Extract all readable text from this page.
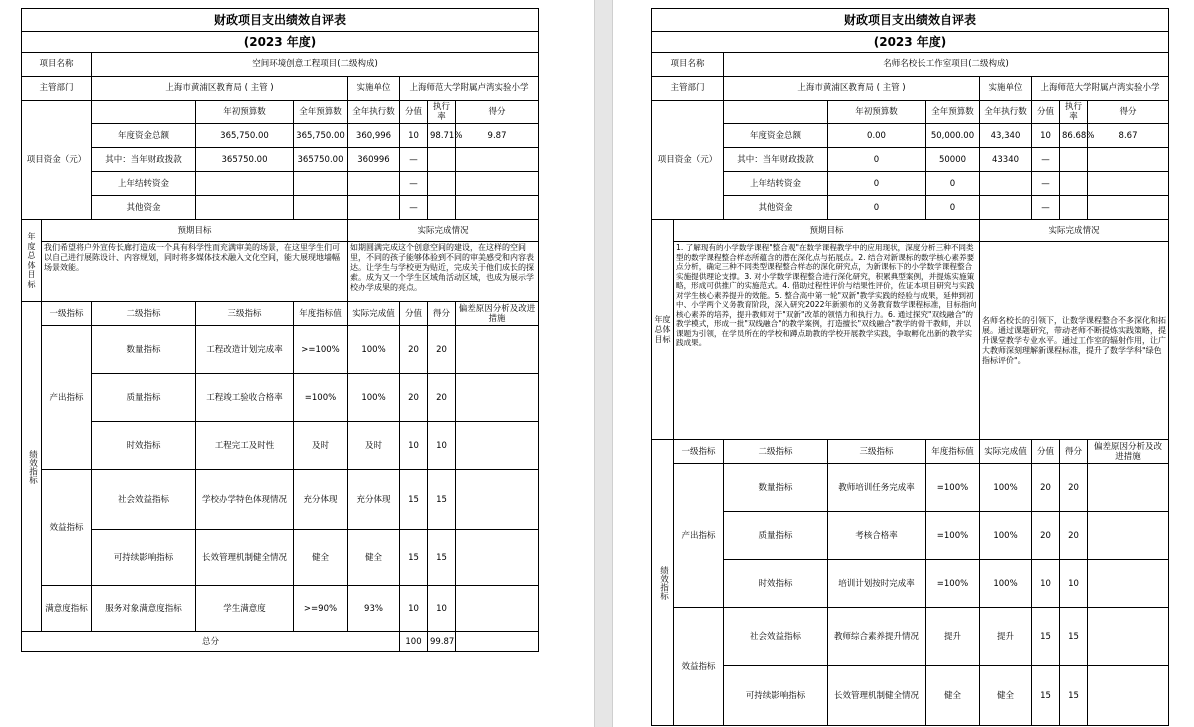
财政项目支出绩效自评表								
(2023 年度)								
项目名称		空间环境创意工程项目(二级构成)						
主管部门		上海市黄浦区教育局 ( 主管 )			实施单位	上海师范大学附属卢湾实验小学		
项目资金（元）			年初预算数	全年预算数	全年执行数	分值	执行率	得分
		年度资金总额	365,750.00	365,750.00	360,996	10	98.71%	9.87
		其中：当年财政拨款	365750.00	365750.00	360996	—		
		上年结转资金				—		
		其他资金				—		
年度总体目标	预期目标				实际完成情况			
	我们希望将户外宣传长廊打造成一个具有科学性而充满审美的场景，在这里学生们可以自己进行展陈设计、内容规划，同时将多媒体技术融入文化空间，能大展现地墙幅场景效能。				如期圆满完成这个创意空间的建设，在这样的空间里，不同的孩子能够体验到不同的审美感受和内容表达。让学生与学校更为贴近，完成关于他们成长的探索。成为又一个学生区域角活动区域，也成为展示学校办学成果的亮点。			
绩效指标	一级指标	二级指标	三级指标	年度指标值	实际完成值	分值	得分	偏差原因分析及改进措施
	产出指标	数量指标	工程改造计划完成率	>=100%	100%	20	20	
		质量指标	工程竣工验收合格率	=100%	100%	20	20	
		时效指标	工程完工及时性	及时	及时	10	10	
	效益指标	社会效益指标	学校办学特色体现情况	充分体现	充分体现	15	15	
		可持续影响指标	长效管理机制健全情况	健全	健全	15	15	
	满意度指标	服务对象满意度指标	学生满意度	>=90%	93%	10	10	
总分						100	99.87	
财政项目支出绩效自评表								
(2023 年度)								
项目名称		名师名校长工作室项目(二级构成)						
主管部门		上海市黄浦区教育局 ( 主管 )			实施单位	上海师范大学附属卢湾实验小学		
项目资金（元）			年初预算数	全年预算数	全年执行数	分值	执行率	得分
		年度资金总额	0.00	50,000.00	43,340	10	86.68%	8.67
		其中：当年财政拨款	0	50000	43340	—		
		上年结转资金	0	0		—		
		其他资金	0	0		—		
年度总体目标	预期目标				实际完成情况			
	1. 了解现有的小学数学课程"整合观"在数学课程教学中的应用现状，深度分析三种不同类型的数学课程整合样态所蕴含的潜在深化点与拓展点。2. 结合对新课标的数学核心素养要点分析，确定三种不同类型课程整合样态的深化研究点，为新课标下的小学数学课程整合实施提供理论支撑。3. 对小学数学课程整合进行深化研究，积累典型案例，并提炼实施策略，形成可供推广的实施范式。4. 借助过程性评价与结果性评价，佐证本项目研究与实践对学生核心素养提升的效能。5. 整合高中第一轮"双新"教学实践的经验与成果，延伸到初中、小学两个义务教育阶段，深入研究2022年新颁布的义务教育数学课程标准，目标指向核心素养的培养，提升教师对于"双新"改革的领悟力和执行力。6. 通过探究"双线融合"的教学模式，形成一批"双线融合"的教学案例，打造擅长"双线融合"教学的骨干教师，并以课题为引领，在学员所在的学校和蹲点助教的学校开展教学实践，争取孵化出新的教学实践成果。				名师名校长的引领下，让数学课程整合不多深化和拓展。通过课题研究，带动老师不断提炼实践策略，提升课堂教学专业水平。通过工作室的辐射作用，让广大教师深刻理解新课程标准，提升了数学学科"绿色指标评价"。			
绩效指标	一级指标	二级指标	三级指标	年度指标值	实际完成值	分值	得分	偏差原因分析及改进措施
	产出指标	数量指标	教师培训任务完成率	=100%	100%	20	20	
		质量指标	考核合格率	=100%	100%	20	20	
		时效指标	培训计划按时完成率	=100%	100%	10	10	
	效益指标	社会效益指标	教师综合素养提升情况	提升	提升	15	15	
		可持续影响指标	长效管理机制健全情况	健全	健全	15	15	
